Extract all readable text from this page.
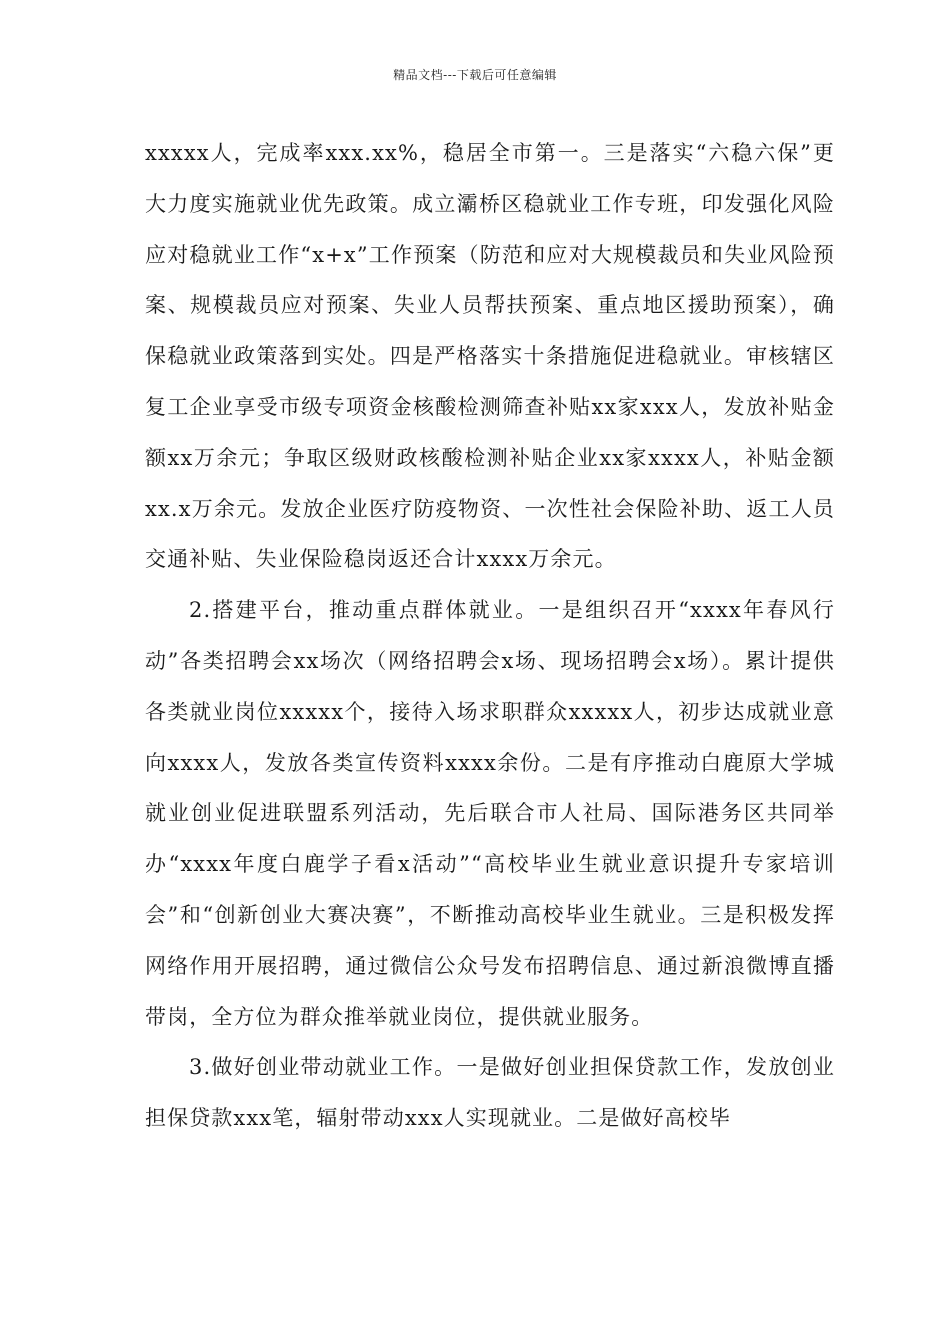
精品文档---下载后可任意编辑

xxxxx人，完成率xxx.xx%，稳居全市第一。三是落实“六稳六保”更大力度实施就业优先政策。成立灞桥区稳就业工作专班，印发强化风险应对稳就业工作“x+x”工作预案（防范和应对大规模裁员和失业风险预案、规模裁员应对预案、失业人员帮扶预案、重点地区援助预案），确保稳就业政策落到实处。四是严格落实十条措施促进稳就业。审核辖区复工企业享受市级专项资金核酸检测筛查补贴xx家xxx人，发放补贴金额xx万余元；争取区级财政核酸检测补贴企业xx家xxxx人，补贴金额xx.x万余元。发放企业医疗防疫物资、一次性社会保险补助、返工人员交通补贴、失业保险稳岗返还合计xxxx万余元。

2.搭建平台，推动重点群体就业。一是组织召开“xxxx年春风行动”各类招聘会xx场次（网络招聘会x场、现场招聘会x场）。累计提供各类就业岗位xxxxx个，接待入场求职群众xxxxx人，初步达成就业意向xxxx人，发放各类宣传资料xxxx余份。二是有序推动白鹿原大学城就业创业促进联盟系列活动，先后联合市人社局、国际港务区共同举办“xxxx年度白鹿学子看x活动”“高校毕业生就业意识提升专家培训会”和“创新创业大赛决赛”，不断推动高校毕业生就业。三是积极发挥网络作用开展招聘，通过微信公众号发布招聘信息、通过新浪微博直播带岗，全方位为群众推举就业岗位，提供就业服务。

3.做好创业带动就业工作。一是做好创业担保贷款工作，发放创业担保贷款xxx笔，辐射带动xxx人实现就业。二是做好高校毕
